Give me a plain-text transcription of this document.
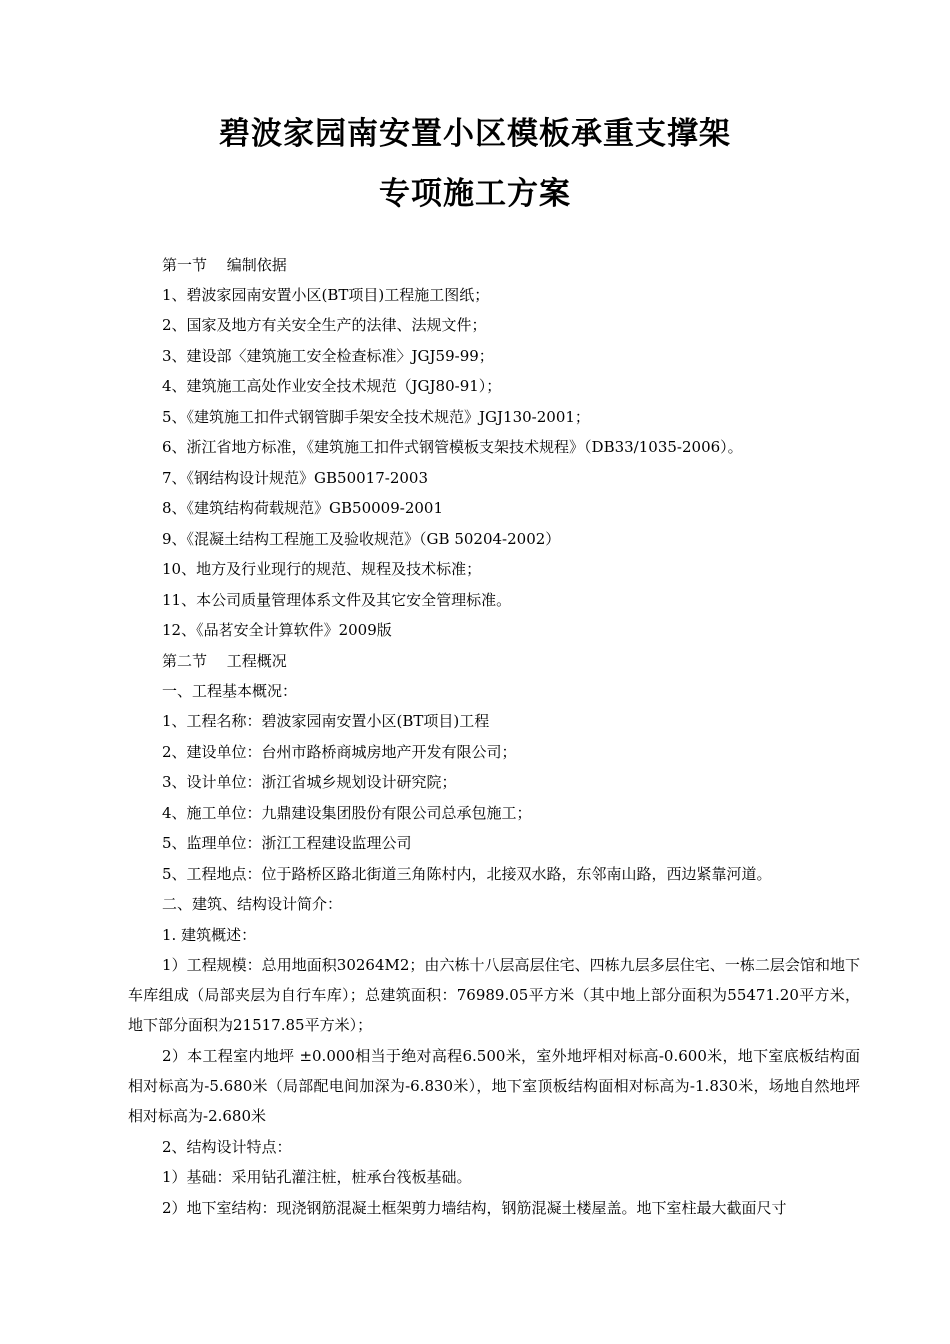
碧波家园南安置小区模板承重支撑架
专项施工方案

第一节　 编制依据

1、碧波家园南安置小区(BT项目)工程施工图纸；

2、国家及地方有关安全生产的法律、法规文件；

3、建设部〈建筑施工安全检查标准〉JGJ59-99；

4、建筑施工高处作业安全技术规范（JGJ80-91）；

5、《建筑施工扣件式钢管脚手架安全技术规范》JGJ130-2001；

6、浙江省地方标准，《建筑施工扣件式钢管模板支架技术规程》（DB33/1035-2006）。

7、《钢结构设计规范》GB50017-2003

8、《建筑结构荷载规范》GB50009-2001

9、《混凝土结构工程施工及验收规范》（GB 50204-2002）

10、地方及行业现行的规范、规程及技术标准；

11、本公司质量管理体系文件及其它安全管理标准。

12、《品茗安全计算软件》2009版

第二节　 工程概况

一、工程基本概况：

1、工程名称：碧波家园南安置小区(BT项目)工程

2、建设单位：台州市路桥商城房地产开发有限公司；

3、设计单位：浙江省城乡规划设计研究院；

4、施工单位：九鼎建设集团股份有限公司总承包施工；

5、监理单位：浙江工程建设监理公司

5、工程地点：位于路桥区路北街道三角陈村内，北接双水路，东邻南山路，西边紧靠河道。

二、建筑、结构设计简介：

1. 建筑概述：

1）工程规模：总用地面积30264M2；由六栋十八层高层住宅、四栋九层多层住宅、一栋二层会馆和地下车库组成（局部夹层为自行车库）；总建筑面积：76989.05平方米（其中地上部分面积为55471.20平方米，地下部分面积为21517.85平方米）；

2）本工程室内地坪 ±0.000相当于绝对高程6.500米，室外地坪相对标高-0.600米，地下室底板结构面相对标高为-5.680米（局部配电间加深为-6.830米），地下室顶板结构面相对标高为-1.830米，场地自然地坪相对标高为-2.680米

2、结构设计特点：

1）基础：采用钻孔灌注桩，桩承台筏板基础。

2）地下室结构：现浇钢筋混凝土框架剪力墙结构，钢筋混凝土楼屋盖。地下室柱最大截面尺寸
